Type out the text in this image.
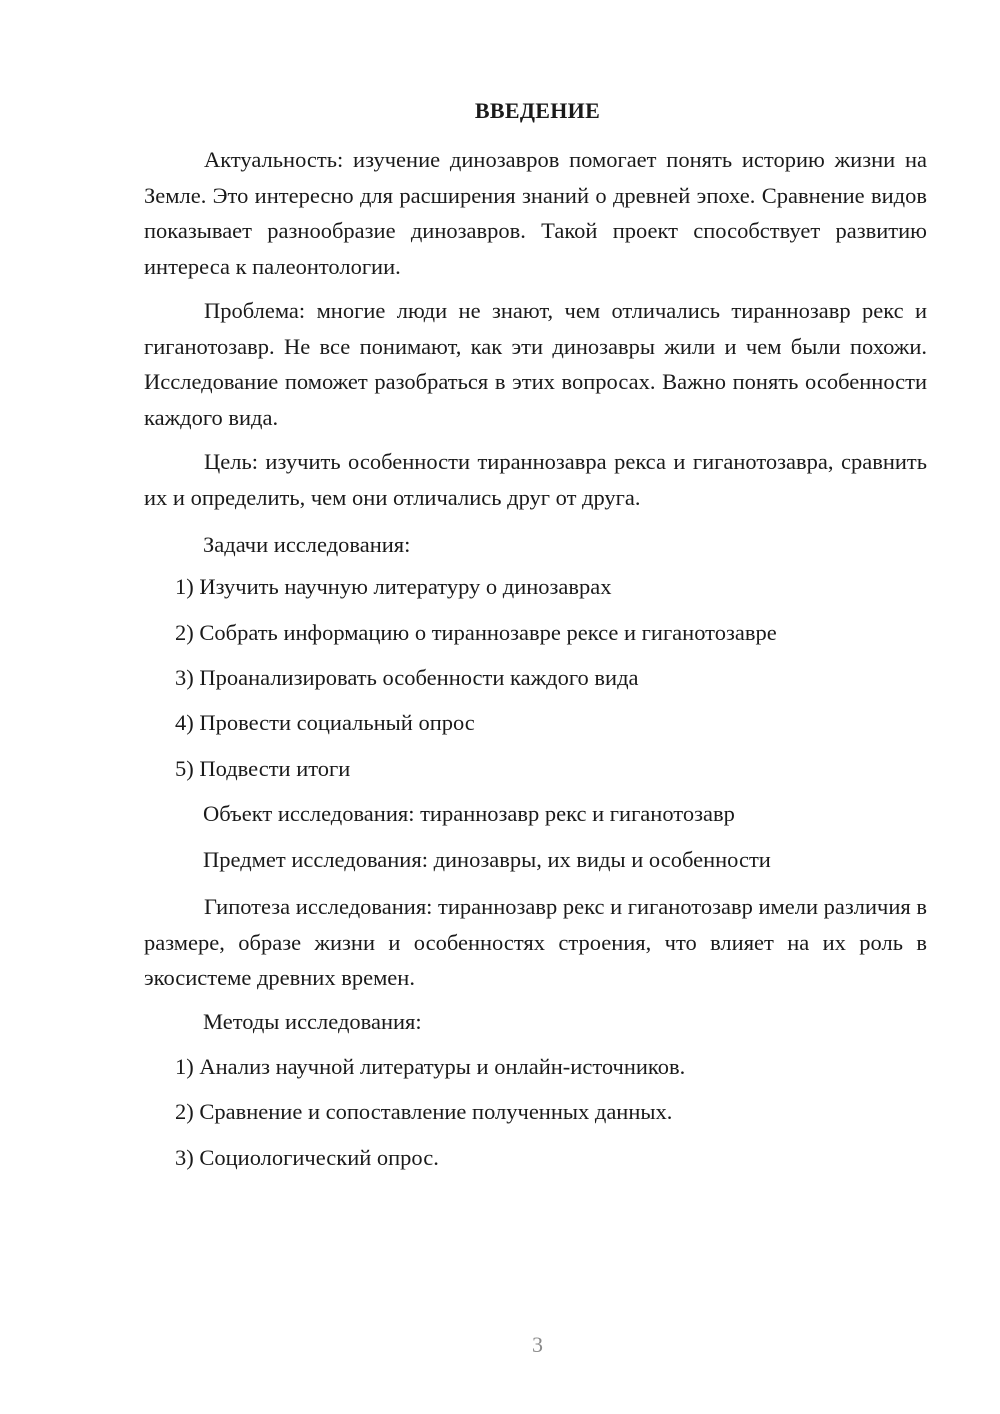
ВВЕДЕНИЕ

Актуальность: изучение динозавров помогает понять историю жизни на Земле. Это интересно для расширения знаний о древней эпохе. Сравнение видов показывает разнообразие динозавров. Такой проект способствует развитию интереса к палеонтологии.

Проблема: многие люди не знают, чем отличались тираннозавр рекс и гиганотозавр. Не все понимают, как эти динозавры жили и чем были похожи. Исследование поможет разобраться в этих вопросах. Важно понять особенности каждого вида.

Цель: изучить особенности тираннозавра рекса и гиганотозавра, сравнить их и определить, чем они отличались друг от друга.

Задачи исследования:
1) Изучить научную литературу о динозаврах
2) Собрать информацию о тираннозавре рексе и гиганотозавре
3) Проанализировать особенности каждого вида
4) Провести социальный опрос
5) Подвести итоги
Объект исследования: тираннозавр рекс и гиганотозавр
Предмет исследования: динозавры, их виды и особенности

Гипотеза исследования: тираннозавр рекс и гиганотозавр имели различия в размере, образе жизни и особенностях строения, что влияет на их роль в экосистеме древних времен.

Методы исследования:
1) Анализ научной литературы и онлайн-источников.
2) Сравнение и сопоставление полученных данных.
3) Социологический опрос.
3
